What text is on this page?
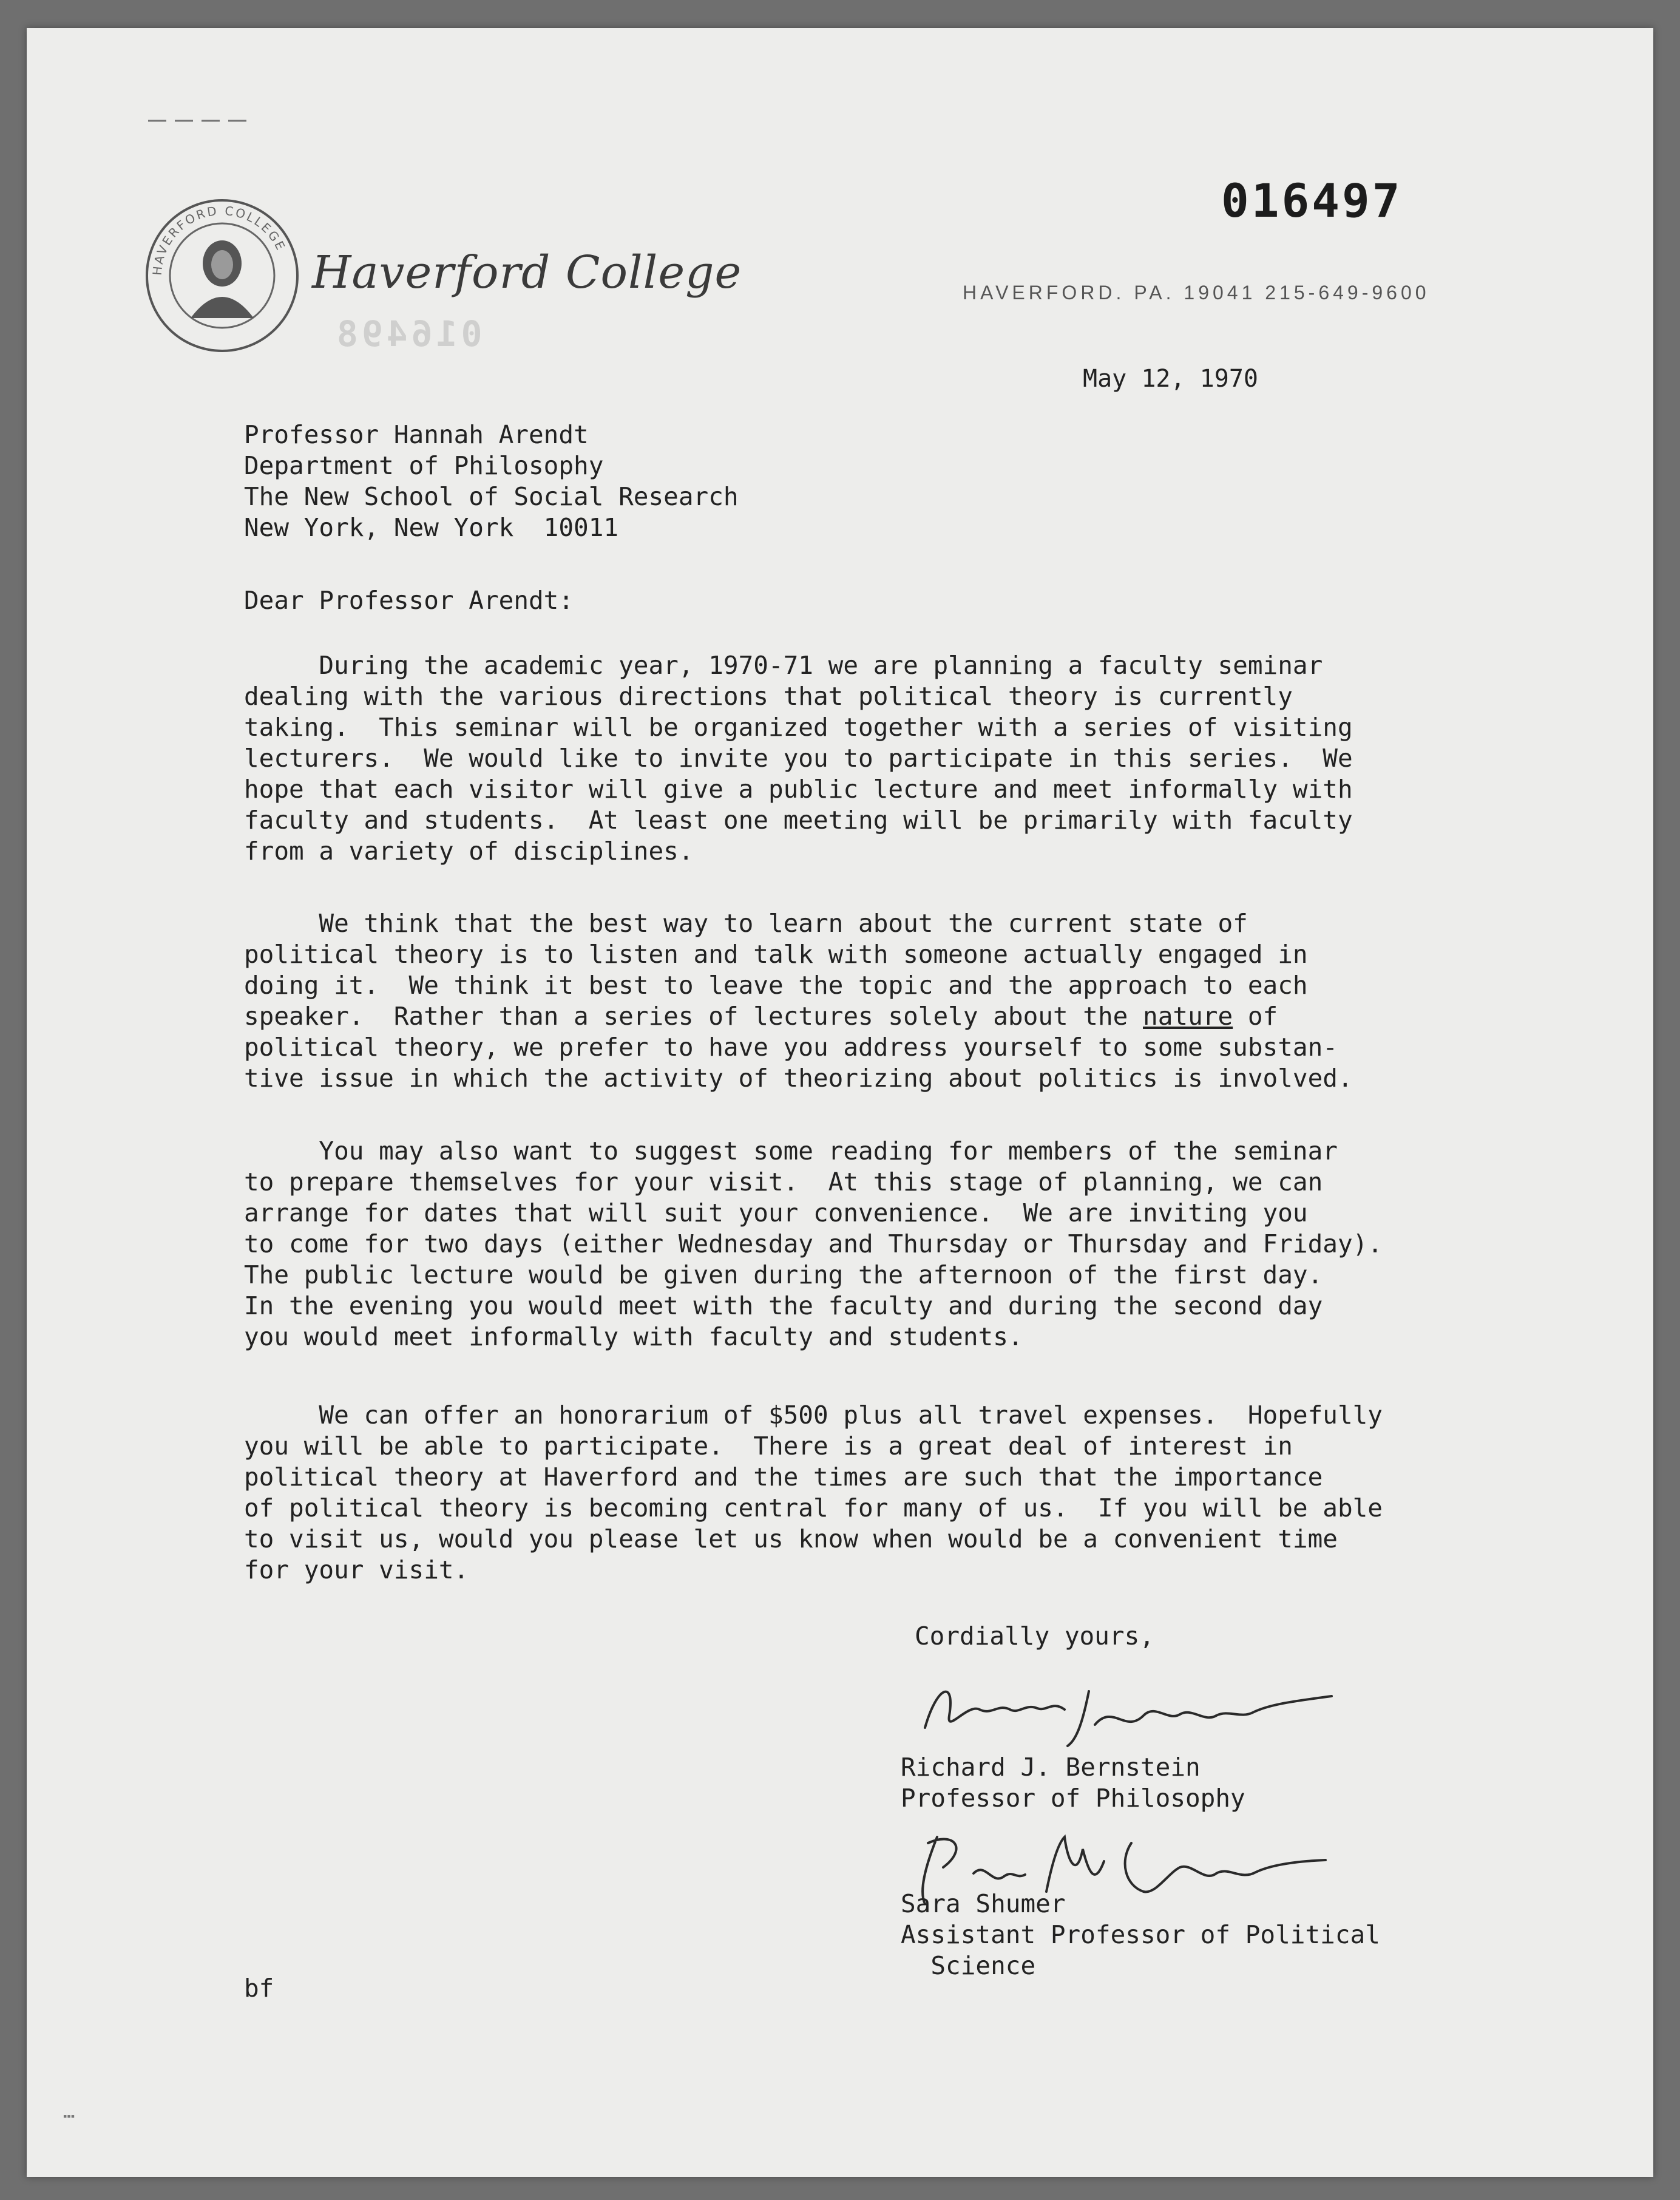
HAVERFORD COLLEGE
Haverford College	HAVERFORD. PA. 19041 215-649-9600
016497
016498
May 12, 1970
Professor Hannah Arendt
Department of Philosophy
The New School of Social Research
New York, New York  10011
Dear Professor Arendt:
During the academic year, 1970-71 we are planning a faculty seminar
dealing with the various directions that political theory is currently
taking.  This seminar will be organized together with a series of visiting
lecturers.  We would like to invite you to participate in this series.  We
hope that each visitor will give a public lecture and meet informally with
faculty and students.  At least one meeting will be primarily with faculty
from a variety of disciplines.
We think that the best way to learn about the current state of
political theory is to listen and talk with someone actually engaged in
doing it.  We think it best to leave the topic and the approach to each
speaker.  Rather than a series of lectures solely about the nature of
political theory, we prefer to have you address yourself to some substan-
tive issue in which the activity of theorizing about politics is involved.
You may also want to suggest some reading for members of the seminar
to prepare themselves for your visit.  At this stage of planning, we can
arrange for dates that will suit your convenience.  We are inviting you
to come for two days (either Wednesday and Thursday or Thursday and Friday).
The public lecture would be given during the afternoon of the first day.
In the evening you would meet with the faculty and during the second day
you would meet informally with faculty and students.
We can offer an honorarium of $500 plus all travel expenses.  Hopefully
you will be able to participate.  There is a great deal of interest in
political theory at Haverford and the times are such that the importance
of political theory is becoming central for many of us.  If you will be able
to visit us, would you please let us know when would be a convenient time
for your visit.
Cordially yours,
Richard J. Bernstein
Professor of Philosophy
Sara Shumer
Assistant Professor of Political
Science
bf
▪▪▪
